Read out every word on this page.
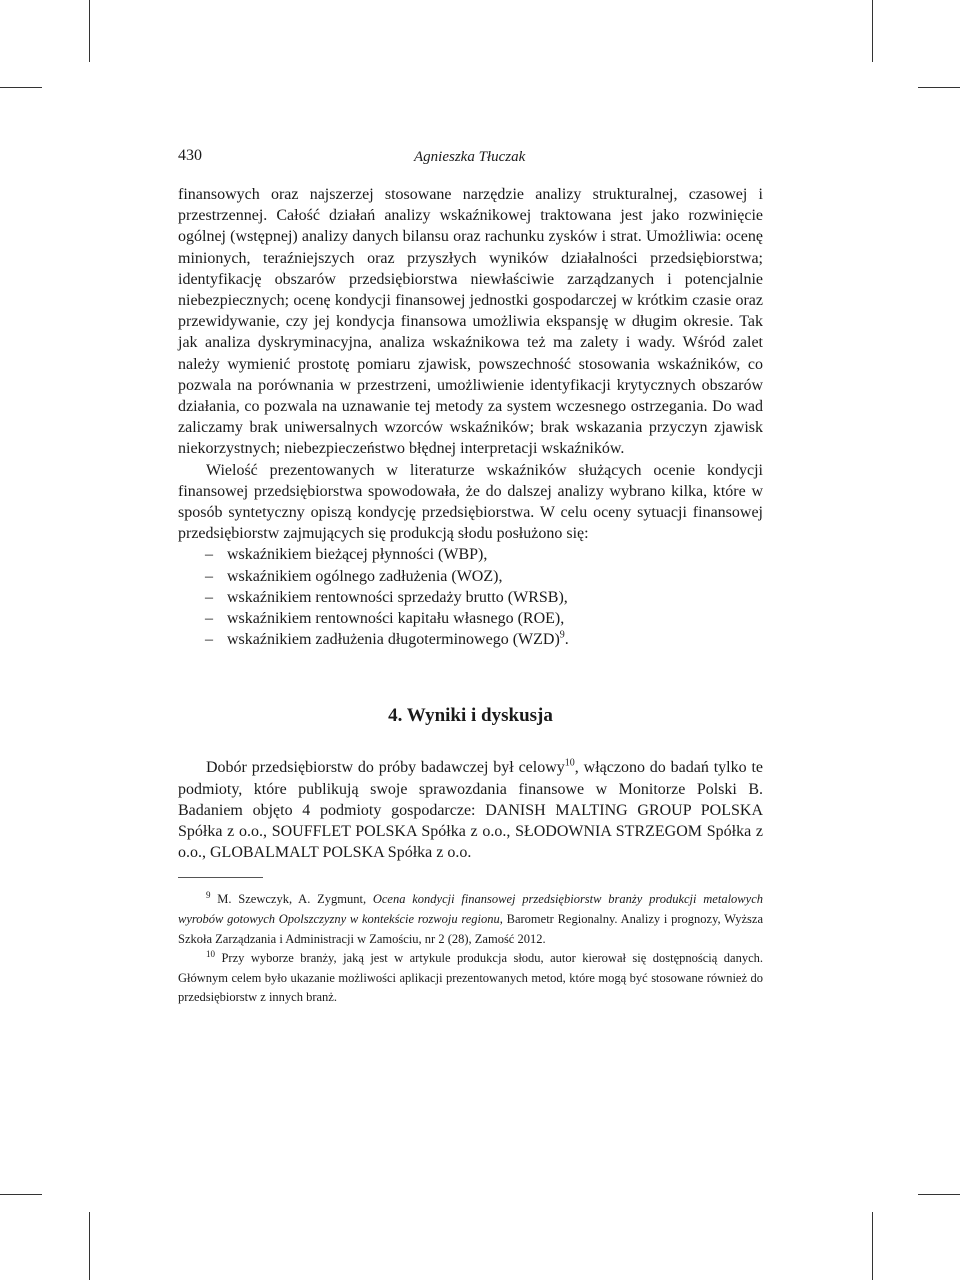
430	Agnieszka Tłuczak

finansowych oraz najszerzej stosowane narzędzie analizy strukturalnej, czasowej i przestrzennej. Całość działań analizy wskaźnikowej traktowana jest jako rozwinięcie ogólnej (wstępnej) analizy danych bilansu oraz rachunku zysków i strat. Umożliwia: ocenę minionych, teraźniejszych oraz przyszłych wyników działalności przedsiębiorstwa; identyfikację obszarów przedsiębiorstwa niewłaściwie zarządzanych i potencjalnie niebezpiecznych; ocenę kondycji finansowej jednostki gospodarczej w krótkim czasie oraz przewidywanie, czy jej kondycja finansowa umożliwia ekspansję w długim okresie. Tak jak analiza dyskryminacyjna, analiza wskaźnikowa też ma zalety i wady. Wśród zalet należy wymienić prostotę pomiaru zjawisk, powszechność stosowania wskaźników, co pozwala na porównania w przestrzeni, umożliwienie identyfikacji krytycznych obszarów działania, co pozwala na uznawanie tej metody za system wczesnego ostrzegania. Do wad zaliczamy brak uniwersalnych wzorców wskaźników; brak wskazania przyczyn zjawisk niekorzystnych; niebezpieczeństwo błędnej interpretacji wskaźników.

Wielość prezentowanych w literaturze wskaźników służących ocenie kondycji finansowej przedsiębiorstwa spowodowała, że do dalszej analizy wybrano kilka, które w sposób syntetyczny opiszą kondycję przedsiębiorstwa. W celu oceny sytuacji finansowej przedsiębiorstw zajmujących się produkcją słodu posłużono się:

– wskaźnikiem bieżącej płynności (WBP),
– wskaźnikiem ogólnego zadłużenia (WOZ),
– wskaźnikiem rentowności sprzedaży brutto (WRSB),
– wskaźnikiem rentowności kapitału własnego (ROE),
– wskaźnikiem zadłużenia długoterminowego (WZD)$^9$.
4. Wyniki i dyskusja

Dobór przedsiębiorstw do próby badawczej był celowy$^{10}$, włączono do badań tylko te podmioty, które publikują swoje sprawozdania finansowe w Monitorze Polski B. Badaniem objęto 4 podmioty gospodarcze: DANISH MALTING GROUP POLSKA Spółka z o.o., SOUFFLET POLSKA Spółka z o.o., SŁODOWNIA STRZEGOM Spółka z o.o., GLOBALMALT POLSKA Spółka z o.o.

$^9$ M. Szewczyk, A. Zygmunt, Ocena kondycji finansowej przedsiębiorstw branży produkcji metalowych wyrobów gotowych Opolszczyzny w kontekście rozwoju regionu, Barometr Regionalny. Analizy i prognozy, Wyższa Szkoła Zarządzania i Administracji w Zamościu, nr 2 (28), Zamość 2012.

$^{10}$ Przy wyborze branży, jaką jest w artykule produkcja słodu, autor kierował się dostępnością danych. Głównym celem było ukazanie możliwości aplikacji prezentowanych metod, które mogą być stosowane również do przedsiębiorstw z innych branż.
